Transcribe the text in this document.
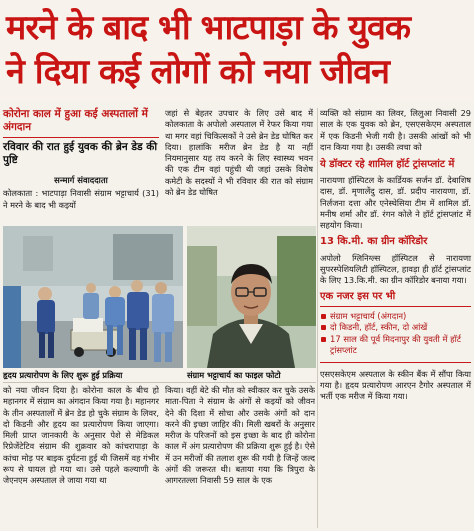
मरने के बाद भी भाटपाड़ा के युवक
ने दिया कई लोगों को नया जीवन
कोरोना काल में हुआ कई अस्पतालों में अंगदान
रविवार की रात हुई युवक की ब्रेन डेड की पुष्टि
सन्मार्ग संवाददाता

कोलकाता : भाटपाड़ा निवासी संग्राम भट्टाचार्य (31) ने मरने के बाद भी कइयों

जहां से बेहतर उपचार के लिए उसे बाद में कोलकाता के अपोलो अस्पताल में रेफर किया गया था मगर वहां चिकित्सकों ने उसे ब्रेन डेड घोषित कर दिया। हालांकि मरीज ब्रेन डेड है या नहीं नियमानुसार यह तय करने के लिए स्वास्थ्य भवन की एक टीम वहां पहुंची थी जहां उसके विशेष कमेटी के सदस्यों ने भी रविवार की रात को संग्राम को ब्रेन डेड घोषित

व्यक्ति को संग्राम का लिवर, लिलुआ निवासी 29 साल के एक युवक को ब्रेन, एसएसकेएम अस्पताल में एक किडनी भेजी गयी है। उसकी आंखों को भी दान किया गया है। उसकी त्वचा को

ये डॉक्टर रहे शामिल हॉर्ट ट्रांसप्लांट में

नारायणा हॉस्पिटल के कार्डियक सर्जन डॉ. देबाशिष दास, डॉ. मृणालेंदु दास, डॉ. प्रदीप नारायणा, डॉ. निर्लजना दत्ता और एनेस्थेसिया टीम में शामिल डॉ. मनीष शर्मा और डॉ. रंगन कोले ने हॉर्ट ट्रांसप्लांट में सहयोग किया।

13 कि.मी. का ग्रीन कॉरिडोर

अपोलो ग्लिनिग्ल्स हॉस्पिटल से नारायणा सुपरस्पेशियलिटी हॉस्पिटल, हावड़ा ही हॉर्ट ट्रांसप्लांट के लिए 13.कि.मी. का ग्रीन कॉरिडोर बनाया गया।

एक नजर इस पर भी
संग्राम भट्टाचार्य (अंगदान)
दो किडनी, हॉर्ट, स्कीन, दो आंखें
17 साल की पूर्व मिदनापुर की युवती में हॉर्ट ट्रांसप्लांट

एसएसकेएम अस्पताल के स्कीन बैंक में सौंपा किया गया है। हृदय प्रत्यारोपण आरएन टैगोर अस्पताल में भर्ती एक मरीज में किया गया।

हृदय प्रत्यारोपण के लिए शुरू हुई प्रक्रिया	संग्राम भट्टाचार्य का फाइल फोटो

को नया जीवन दिया है। कोरोना काल के बीच हो महानगर में संग्राम का अंगदान किया गया है। महानगर के तीन अस्पतालों में ब्रेन डेड हो चुके संग्राम के लिवर, दो किडनी और हृदय का प्रत्यारोपण किया जाएगा। मिली प्राप्त जानकारी के अनुसार पेशे से मेडिकल रिप्रेजेंटेटिव संग्राम की शुक्रवार को कांचरापाड़ा के कांचा मोड़ पर बाइक दुर्घटना हुई थी जिसमें वह गंभीर रूप से घायल हो गया था। उसे पहले कल्याणी के जेएनएम अस्पताल ले जाया गया था

किया। वहीं बेटे की मौत को स्वीकार कर चुके उसके माता-पिता ने संग्राम के अंगों से कइयों को जीवन देने की दिशा में सोचा और उसके अंगों को दान करने की इच्छा जाहिर की। मिली खबरों के अनुसार मरीज के परिजनों को इस इच्छा के बाद ही कोरोना काल में अंग प्रत्यारोपण की प्रक्रिया शुरू हुई है। ऐसे में उन मरीजों की तलाश शुरू की गयी है जिन्हें जल्द अंगों की जरूरत थी। बताया गया कि त्रिपुरा के आगरतल्ला निवासी 59 साल के एक
